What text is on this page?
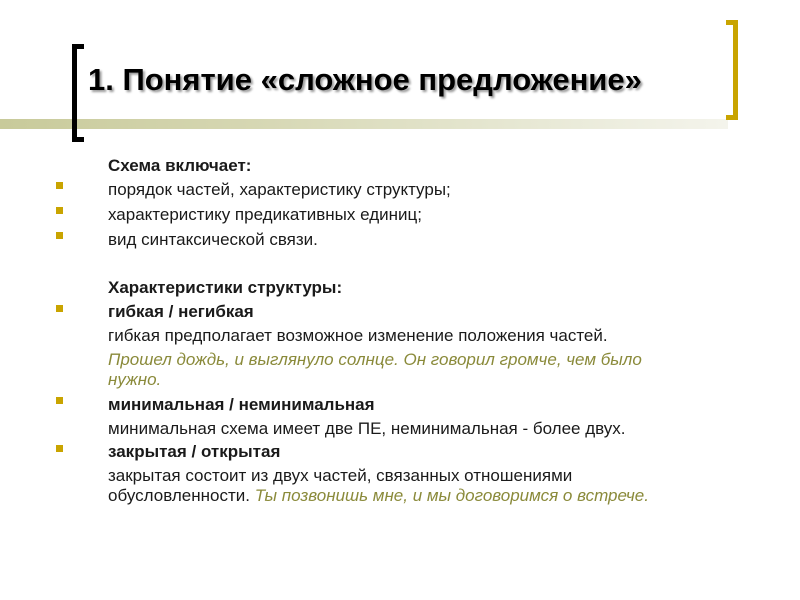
1. Понятие «сложное предложение»

Схема включает:

порядок частей, характеристику структуры;

характеристику предикативных единиц;

вид синтаксической связи.

Характеристики структуры:

гибкая / негибкая

гибкая предполагает возможное изменение положения частей.

Прошел дождь, и выглянуло солнце. Он говорил громче, чем было

нужно.

минимальная / неминимальная

минимальная схема имеет две ПЕ, неминимальная - более двух.

закрытая / открытая

закрытая состоит из двух частей, связанных отношениями

обусловленности. Ты позвонишь мне, и мы договоримся о встрече.
